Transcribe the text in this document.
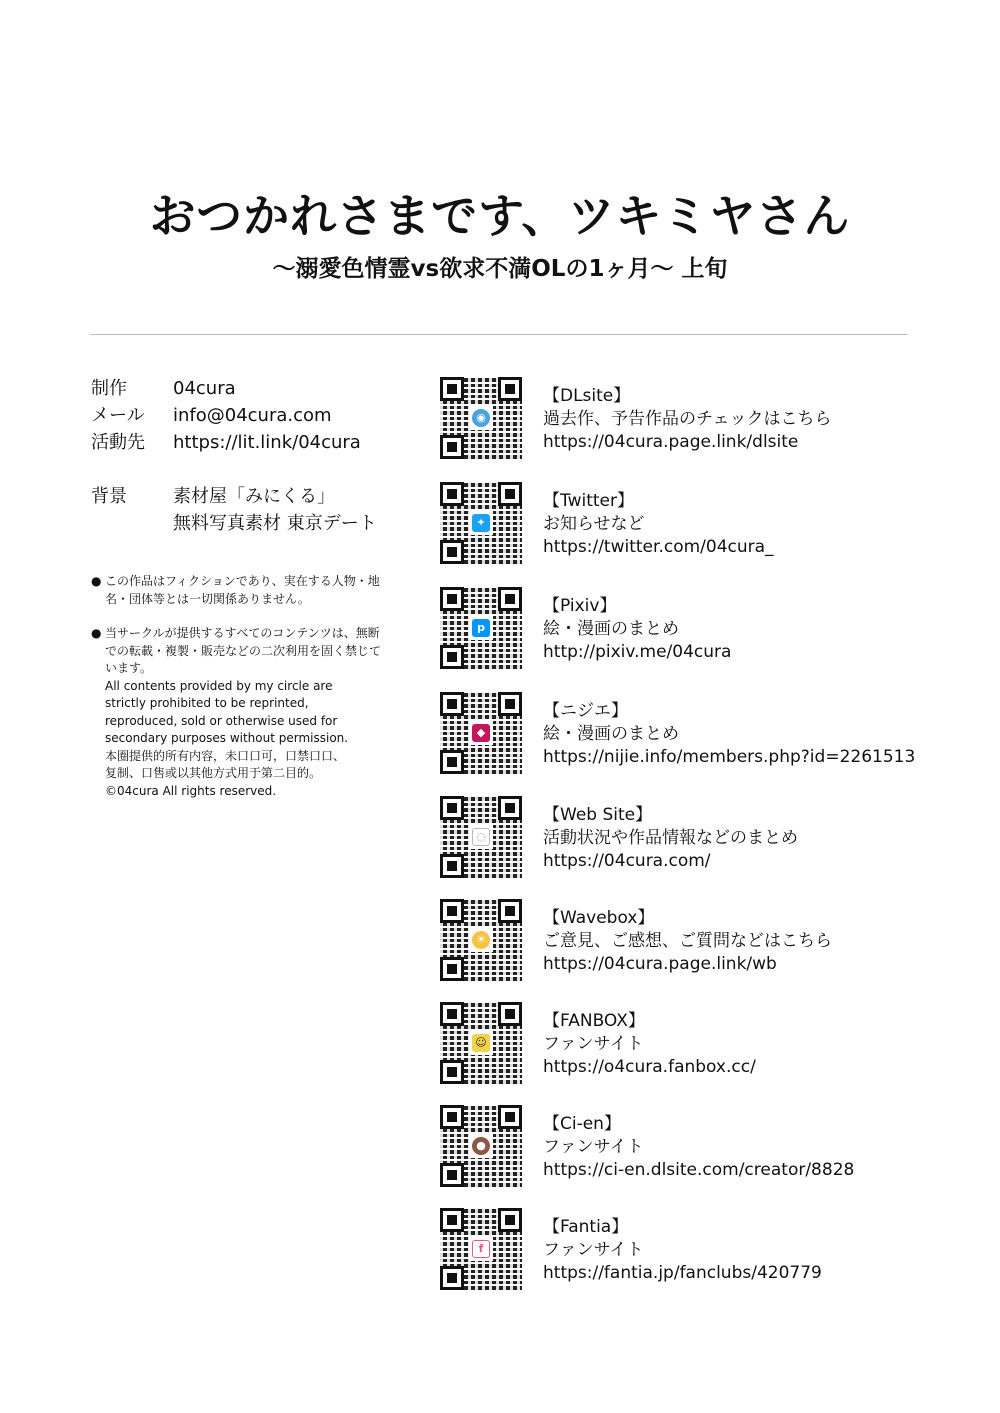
おつかれさまです、ツキミヤさん
〜溺愛色情霊vs欲求不満OLの1ヶ月〜 上旬
制作	04cura
メール	info@04cura.com
活動先	https://lit.link/04cura
背景	素材屋「みにくる」
無料写真素材 東京デート
● この作品はフィクションであり、実在する人物・地
名・団体等とは一切関係ありません。
● 当サークルが提供するすべてのコンテンツは、無断
での転載・複製・販売などの二次利用を固く禁じて
います。
All contents provided by my circle are
strictly prohibited to be reprinted,
reproduced, sold or otherwise used for
secondary purposes without permission.
本圈提供的所有内容，未口口可，口禁口口、
复制、口售或以其他方式用于第二目的。
©04cura All rights reserved.
◉
【DLsite】
過去作、予告作品のチェックはこちら
https://04cura.page.link/dlsite
✦
【Twitter】
お知らせなど
https://twitter.com/04cura_
p
【Pixiv】
絵・漫画のまとめ
http://pixiv.me/04cura
◆
【ニジエ】
絵・漫画のまとめ
https://nijie.info/members.php?id=2261513
◌
【Web Site】
活動状況や作品情報などのまとめ
https://04cura.com/
☀
【Wavebox】
ご意見、ご感想、ご質問などはこちら
https://04cura.page.link/wb
☺
【FANBOX】
ファンサイト
https://o4cura.fanbox.cc/
●
【Ci-en】
ファンサイト
https://ci-en.dlsite.com/creator/8828
f
【Fantia】
ファンサイト
https://fantia.jp/fanclubs/420779
